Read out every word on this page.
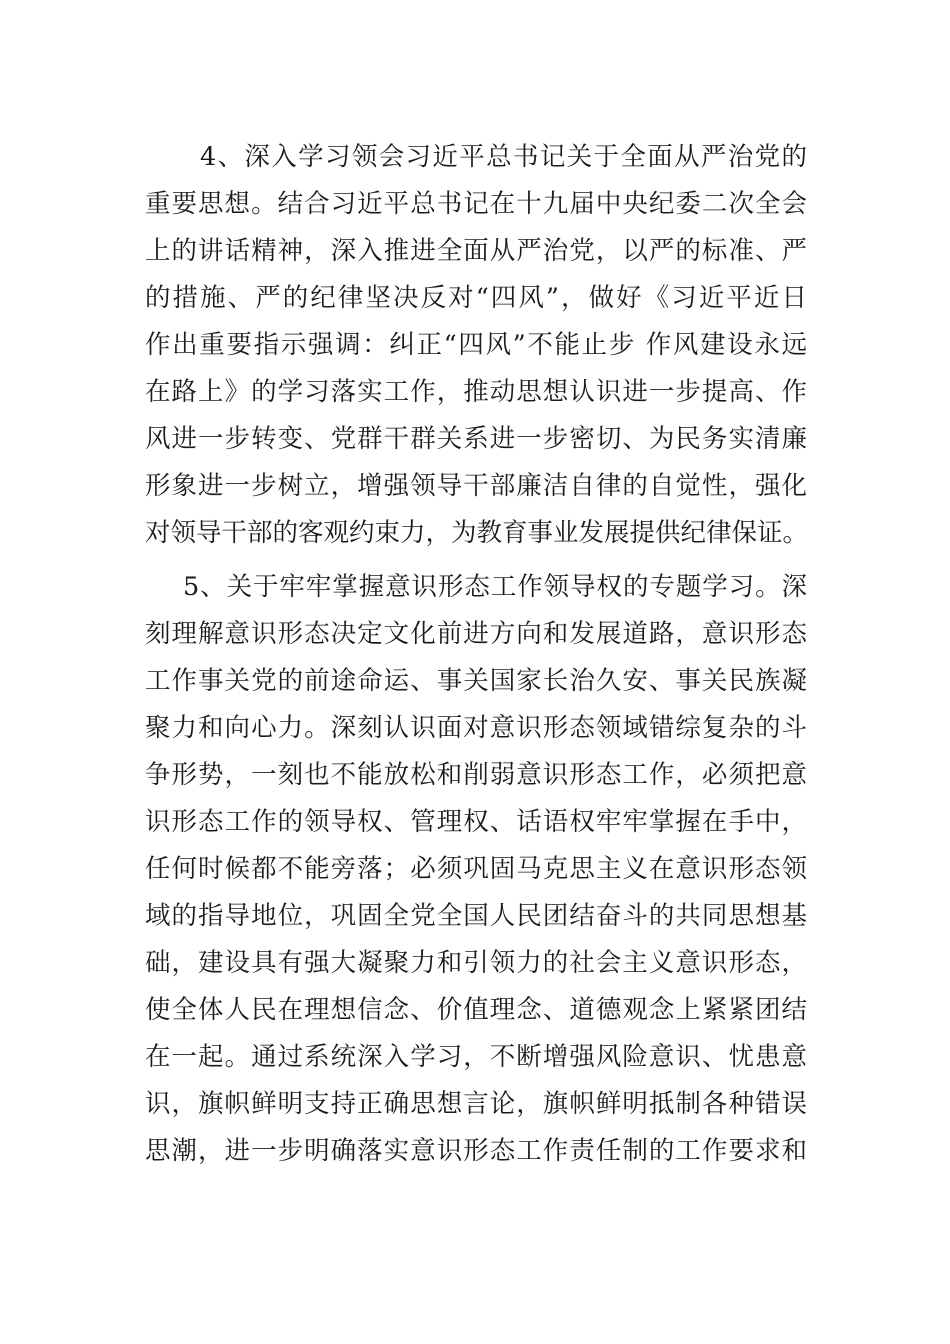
4、深入学习领会习近平总书记关于全面从严治党的
重要思想。结合习近平总书记在十九届中央纪委二次全会
上的讲话精神，深入推进全面从严治党，以严的标准、严
的措施、严的纪律坚决反对“四风”，做好《习近平近日
作出重要指示强调：纠正“四风”不能止步 作风建设永远
在路上》的学习落实工作，推动思想认识进一步提高、作
风进一步转变、党群干群关系进一步密切、为民务实清廉
形象进一步树立，增强领导干部廉洁自律的自觉性，强化
对领导干部的客观约束力，为教育事业发展提供纪律保证。
5、关于牢牢掌握意识形态工作领导权的专题学习。深
刻理解意识形态决定文化前进方向和发展道路，意识形态
工作事关党的前途命运、事关国家长治久安、事关民族凝
聚力和向心力。深刻认识面对意识形态领域错综复杂的斗
争形势，一刻也不能放松和削弱意识形态工作，必须把意
识形态工作的领导权、管理权、话语权牢牢掌握在手中，
任何时候都不能旁落；必须巩固马克思主义在意识形态领
域的指导地位，巩固全党全国人民团结奋斗的共同思想基
础，建设具有强大凝聚力和引领力的社会主义意识形态，
使全体人民在理想信念、价值理念、道德观念上紧紧团结
在一起。通过系统深入学习，不断增强风险意识、忧患意
识，旗帜鲜明支持正确思想言论，旗帜鲜明抵制各种错误
思潮，进一步明确落实意识形态工作责任制的工作要求和
